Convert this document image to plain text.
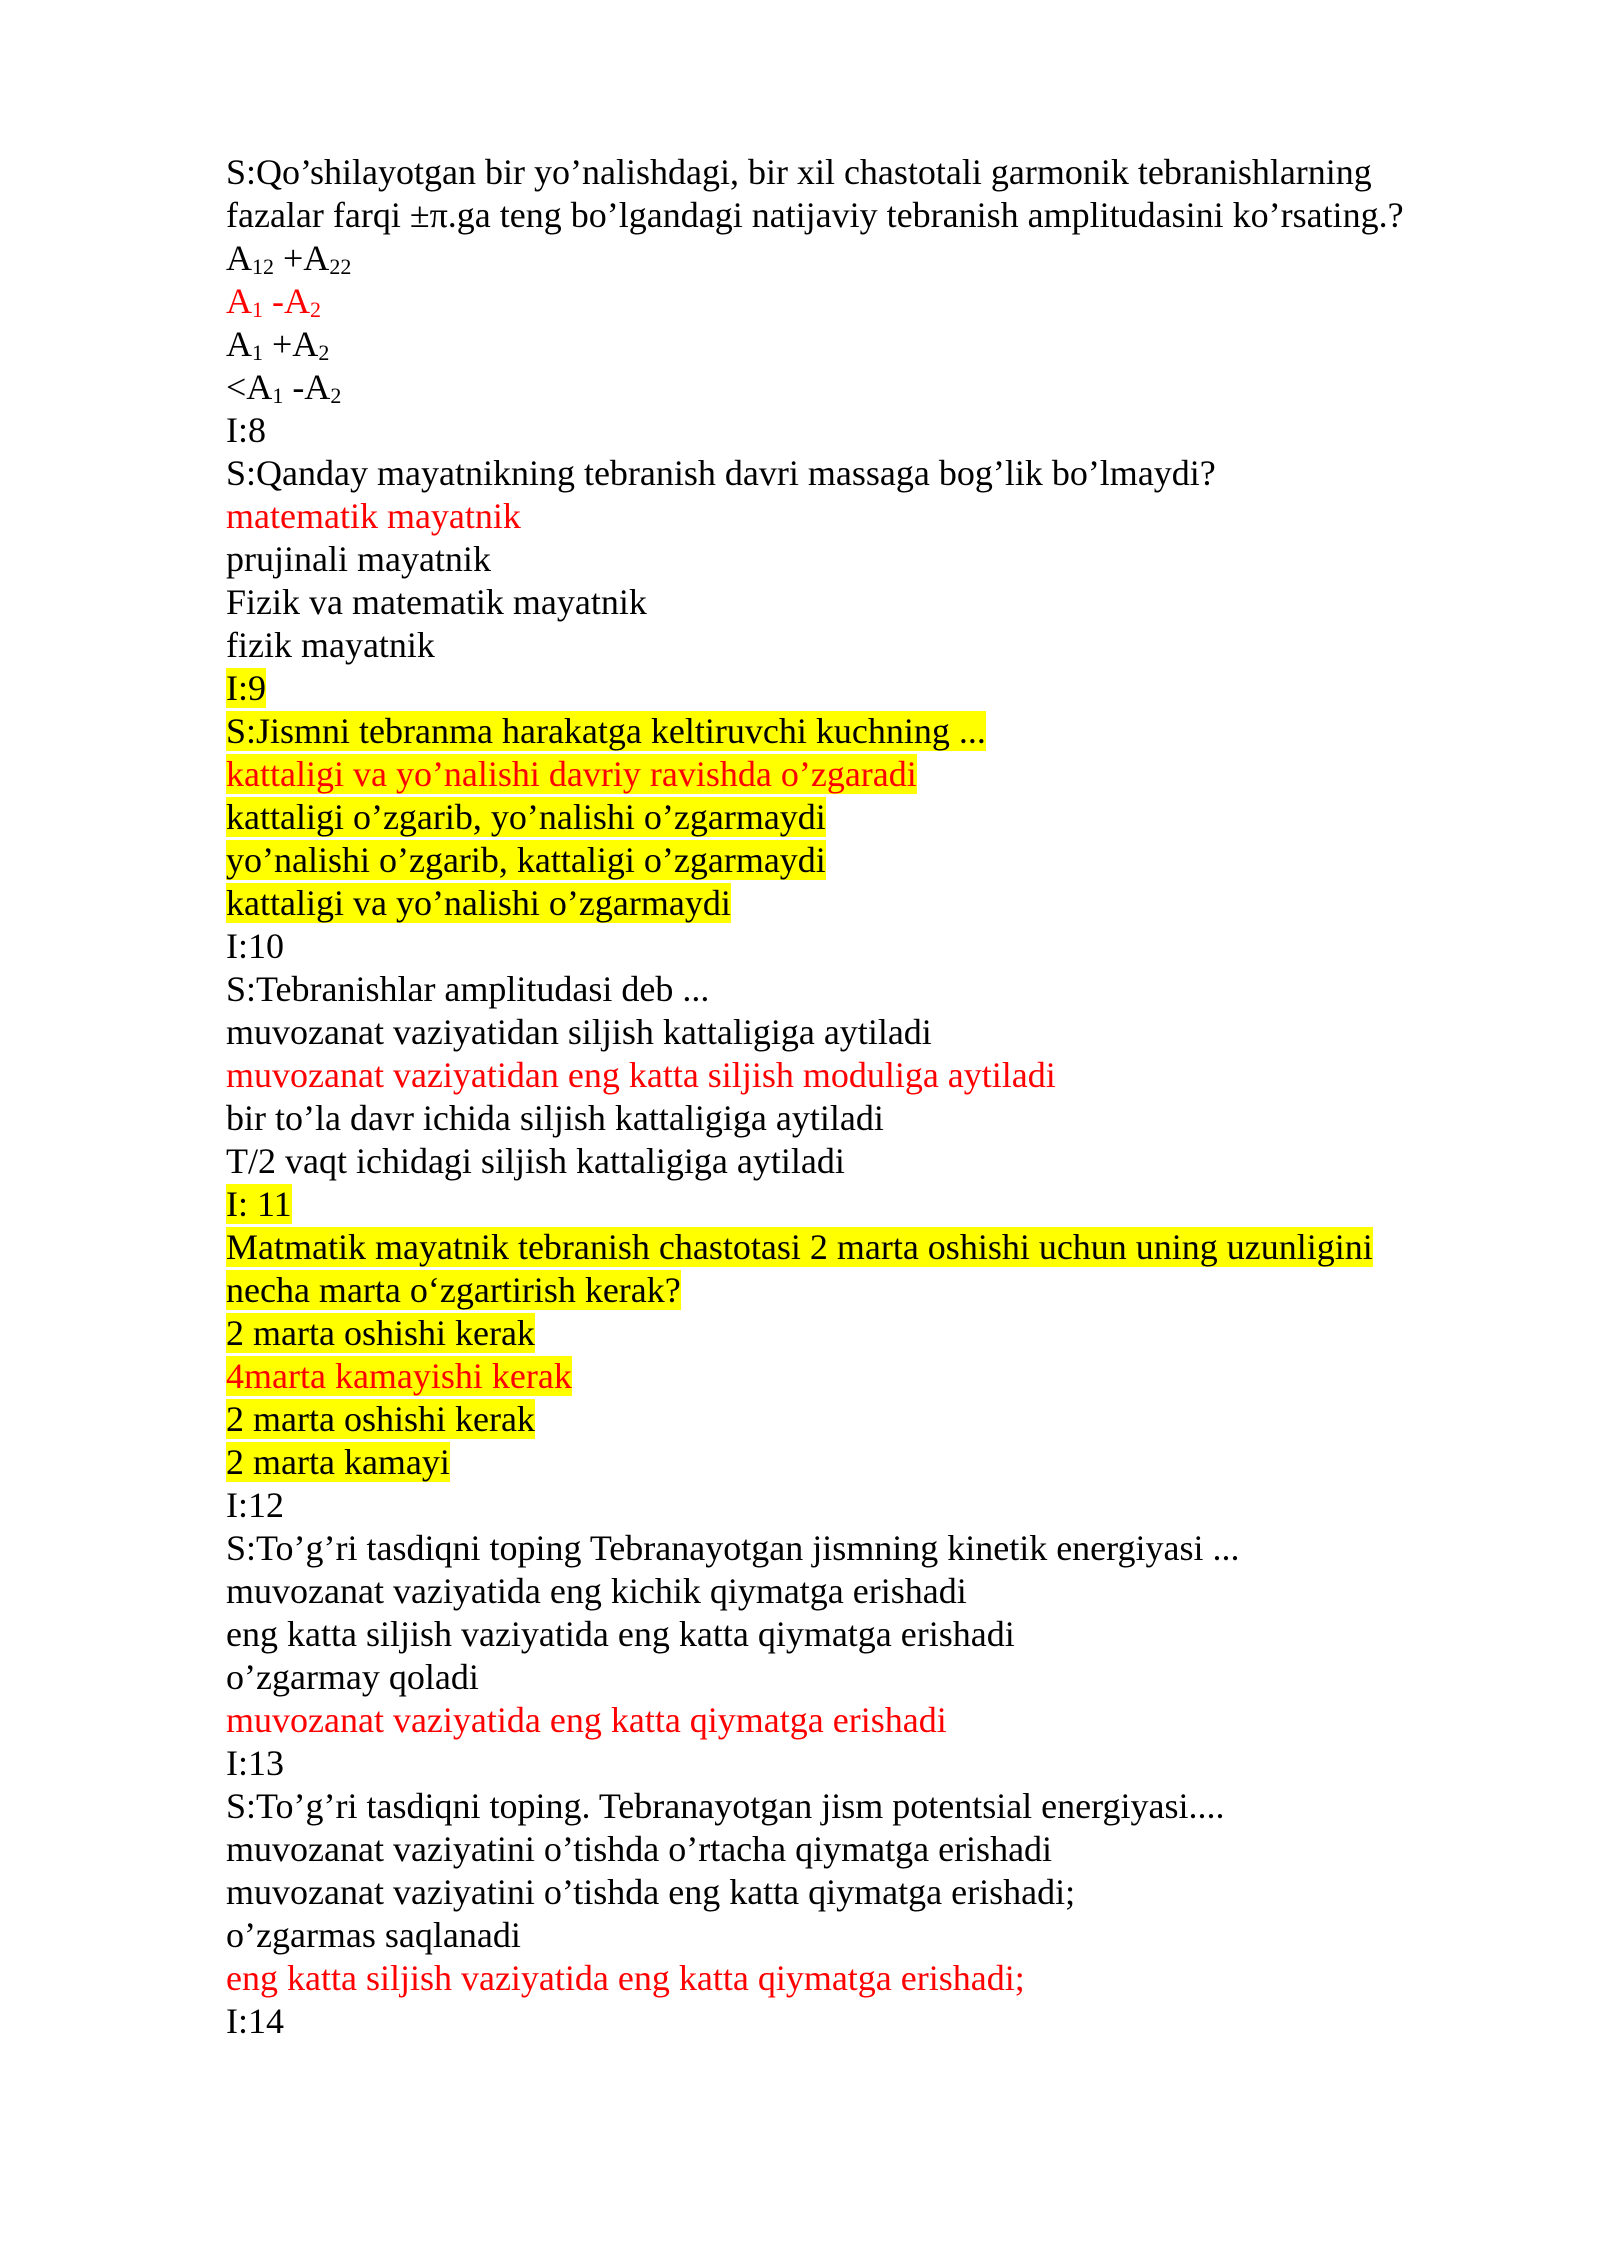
S:Qo’shilayotgan bir yo’nalishdagi, bir xil chastotali garmonik tebranishlarning
fazalar farqi ±π.ga teng bo’lgandagi natijaviy tebranish amplitudasini ko’rsating.?
$A_{12} +A_{22}$
$A_1$ $-A_2$
$A_1 +A_2$
$<A_1$ $-A_2$
I:8
S:Qanday mayatnikning tebranish davri massaga bog’lik bo’lmaydi?
matematik mayatnik
prujinali mayatnik
Fizik va matematik mayatnik
fizik mayatnik
I:9
S:Jismni tebranma harakatga keltiruvchi kuchning ...
kattaligi va yo’nalishi davriy ravishda o’zgaradi
kattaligi o’zgarib, yo’nalishi o’zgarmaydi
yo’nalishi o’zgarib, kattaligi o’zgarmaydi
kattaligi va yo’nalishi o’zgarmaydi
I:10
S:Tebranishlar amplitudasi deb ...
muvozanat vaziyatidan siljish kattaligiga aytiladi
muvozanat vaziyatidan eng katta siljish moduliga aytiladi
bir to’la davr ichida siljish kattaligiga aytiladi
T/2 vaqt ichidagi siljish kattaligiga aytiladi
I: 11
Matmatik mayatnik tebranish chastotasi 2 marta oshishi uchun uning uzunligini
necha marta o‘zgartirish kerak?
2 marta oshishi kerak
4marta kamayishi kerak
2 marta oshishi kerak
2 marta kamayi
I:12
S:To’g’ri tasdiqni toping Tebranayotgan jismning kinetik energiyasi ...
muvozanat vaziyatida eng kichik qiymatga erishadi
eng katta siljish vaziyatida eng katta qiymatga erishadi
o’zgarmay qoladi
muvozanat vaziyatida eng katta qiymatga erishadi
I:13
S:To’g’ri tasdiqni toping. Tebranayotgan jism potentsial energiyasi....
muvozanat vaziyatini o’tishda o’rtacha qiymatga erishadi
muvozanat vaziyatini o’tishda eng katta qiymatga erishadi;
o’zgarmas saqlanadi
eng katta siljish vaziyatida eng katta qiymatga erishadi;
I:14
